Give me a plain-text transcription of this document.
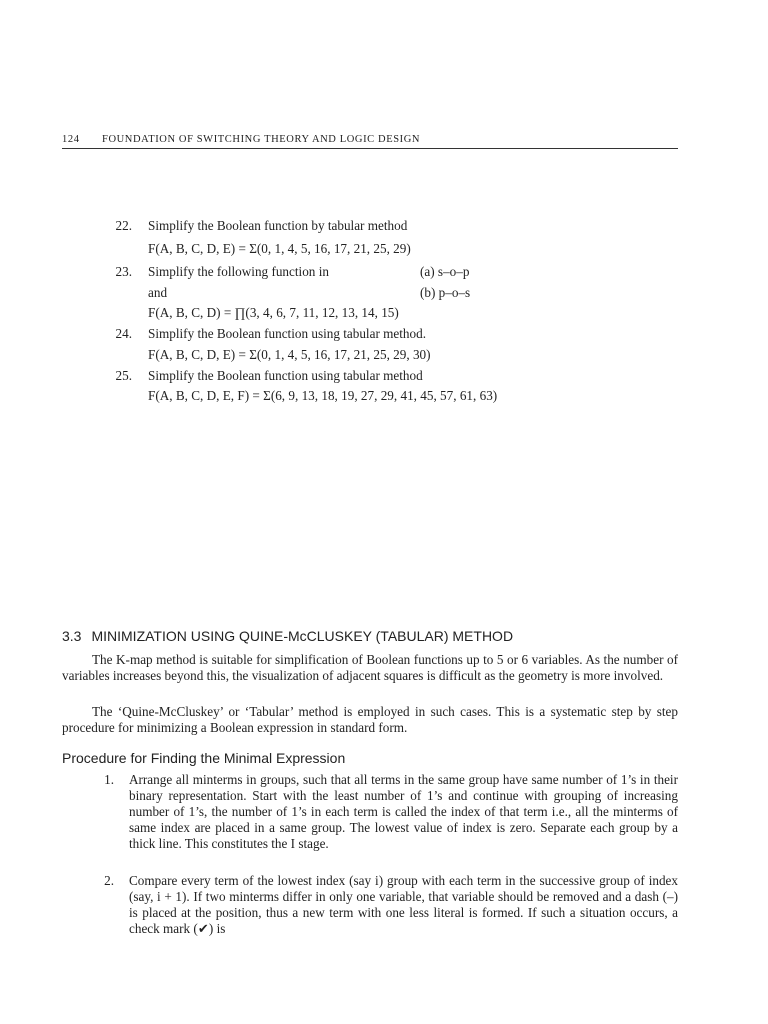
124 FOUNDATION OF SWITCHING THEORY AND LOGIC DESIGN
22. Simplify the Boolean function by tabular method
F(A, B, C, D, E) = Σ(0, 1, 4, 5, 16, 17, 21, 25, 29)
23. Simplify the following function in	(a) s–o–p
and	(b) p–o–s
F(A, B, C, D) = ∏(3, 4, 6, 7, 11, 12, 13, 14, 15)
24. Simplify the Boolean function using tabular method.
F(A, B, C, D, E) = Σ(0, 1, 4, 5, 16, 17, 21, 25, 29, 30)
25. Simplify the Boolean function using tabular method
F(A, B, C, D, E, F) = Σ(6, 9, 13, 18, 19, 27, 29, 41, 45, 57, 61, 63)
3.3 MINIMIZATION USING QUINE-McCLUSKEY (TABULAR) METHOD

The K-map method is suitable for simplification of Boolean functions up to 5 or 6 variables. As the number of variables increases beyond this, the visualization of adjacent squares is difficult as the geometry is more involved.

The ‘Quine-McCluskey’ or ‘Tabular’ method is employed in such cases. This is a systematic step by step procedure for minimizing a Boolean expression in standard form.

Procedure for Finding the Minimal Expression
1. Arrange all minterms in groups, such that all terms in the same group have same number of 1’s in their binary representation. Start with the least number of 1’s and continue with grouping of increasing number of 1’s, the number of 1’s in each term is called the index of that term i.e., all the minterms of same index are placed in a same group. The lowest value of index is zero. Separate each group by a thick line. This constitutes the I stage.
2. Compare every term of the lowest index (say i) group with each term in the successive group of index (say, i + 1). If two minterms differ in only one variable, that variable should be removed and a dash (–) is placed at the position, thus a new term with one less literal is formed. If such a situation occurs, a check mark (✔) is
